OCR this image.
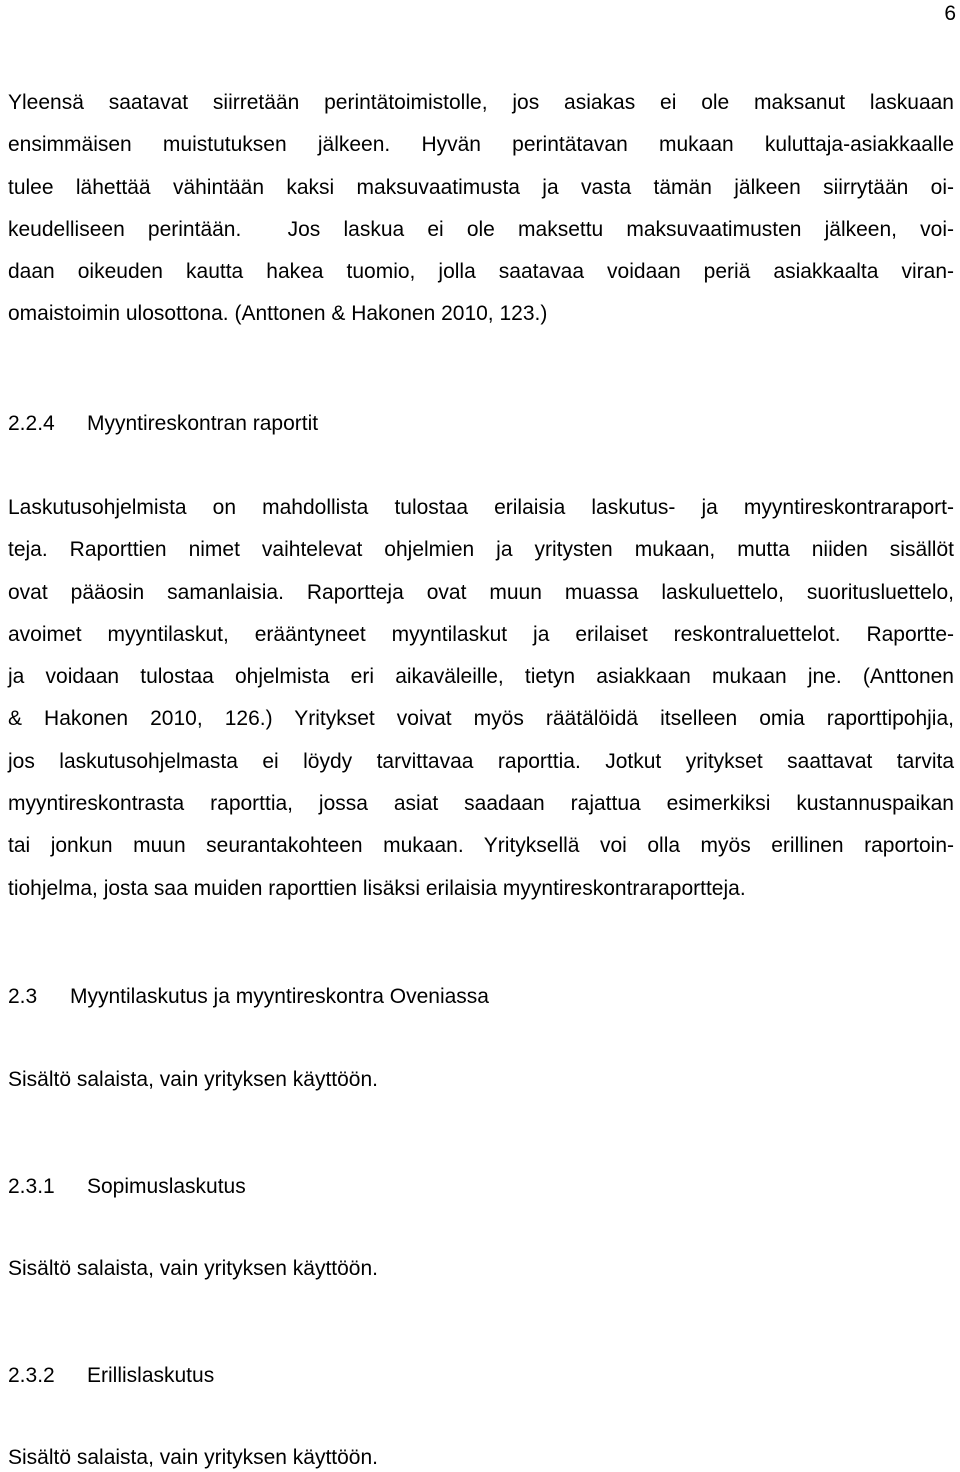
6

Yleensä saatavat siirretään perintätoimistolle, jos asiakas ei ole maksanut laskuaan
ensimmäisen muistutuksen jälkeen. Hyvän perintätavan mukaan kuluttaja-asiakkaalle
tulee lähettää vähintään kaksi maksuvaatimusta ja vasta tämän jälkeen siirrytään oi-
keudelliseen perintään.  Jos laskua ei ole maksettu maksuvaatimusten jälkeen, voi-
daan oikeuden kautta hakea tuomio, jolla saatavaa voidaan periä asiakkaalta viran-
omaistoimin ulosottona. (Anttonen & Hakonen 2010, 123.)

2.2.4 Myyntireskontran raportit

Laskutusohjelmista on mahdollista tulostaa erilaisia laskutus- ja myyntireskontraraport-
teja. Raporttien nimet vaihtelevat ohjelmien ja yritysten mukaan, mutta niiden sisällöt
ovat pääosin samanlaisia. Raportteja ovat muun muassa laskuluettelo, suoritusluettelo,
avoimet myyntilaskut, erääntyneet myyntilaskut ja erilaiset reskontraluettelot. Raportte-
ja voidaan tulostaa ohjelmista eri aikaväleille, tietyn asiakkaan mukaan jne. (Anttonen
& Hakonen 2010, 126.) Yritykset voivat myös räätälöidä itselleen omia raporttipohjia,
jos laskutusohjelmasta ei löydy tarvittavaa raporttia. Jotkut yritykset saattavat tarvita
myyntireskontrasta raporttia, jossa asiat saadaan rajattua esimerkiksi kustannuspaikan
tai jonkun muun seurantakohteen mukaan. Yrityksellä voi olla myös erillinen raportoin-
tiohjelma, josta saa muiden raporttien lisäksi erilaisia myyntireskontraraportteja.

2.3 Myyntilaskutus ja myyntireskontra Oveniassa

Sisältö salaista, vain yrityksen käyttöön.

2.3.1 Sopimuslaskutus

Sisältö salaista, vain yrityksen käyttöön.

2.3.2 Erillislaskutus

Sisältö salaista, vain yrityksen käyttöön.
